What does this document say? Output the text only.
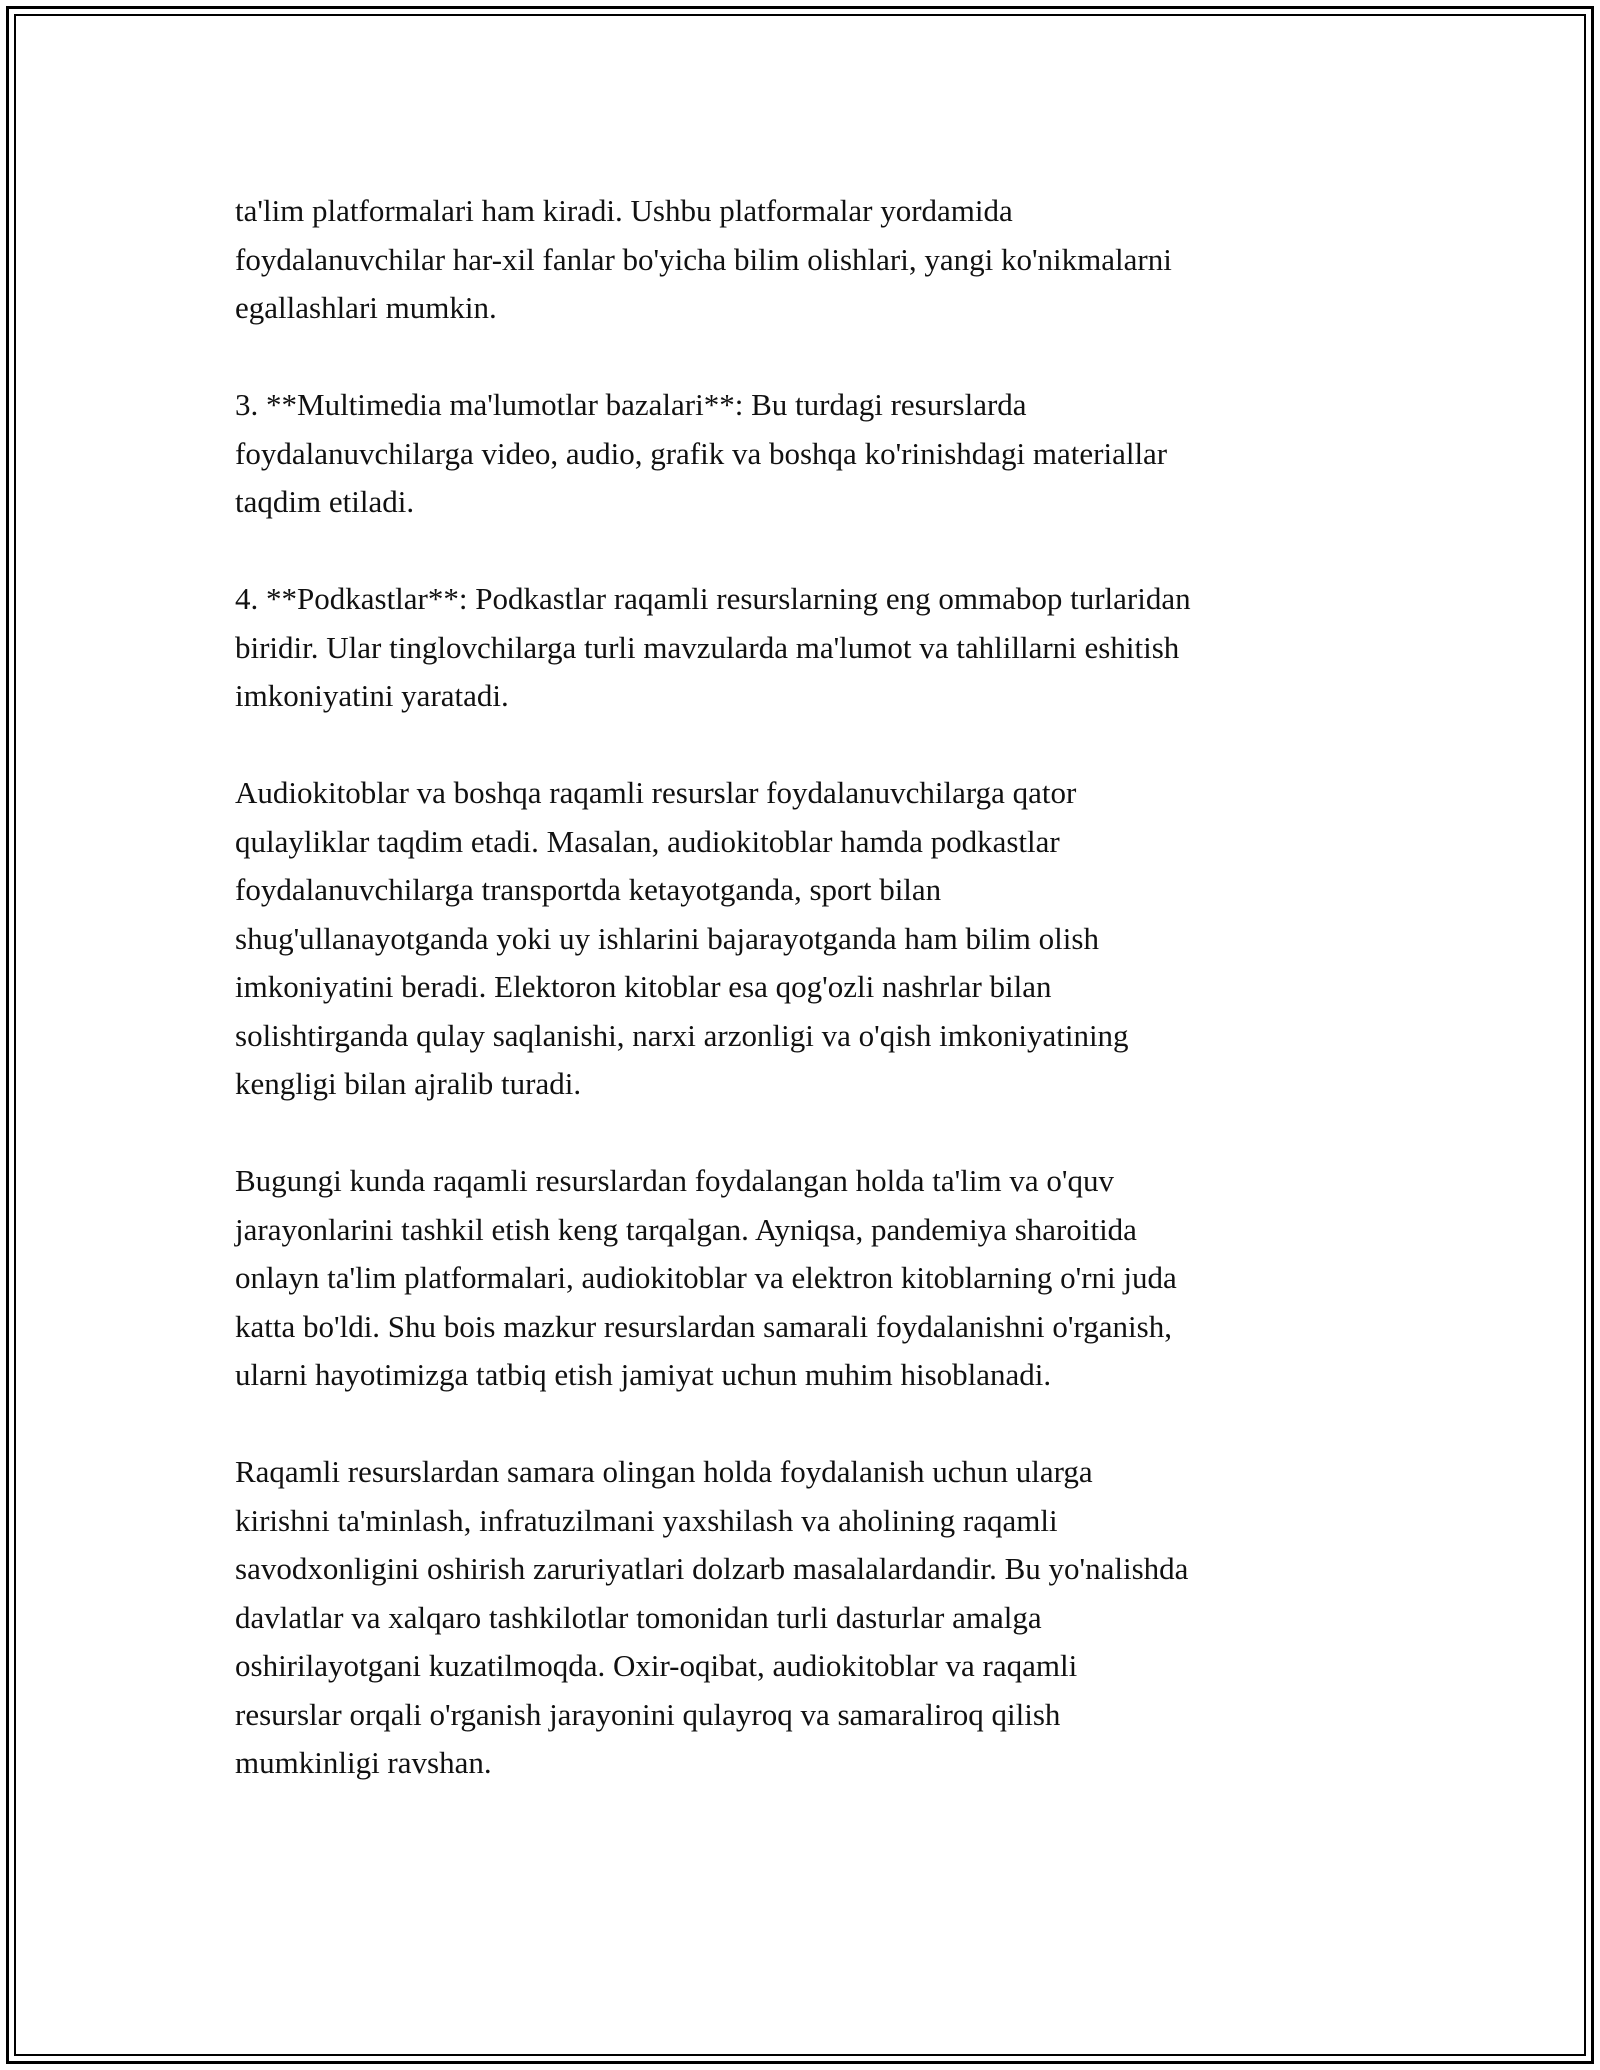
ta'lim platformalari ham kiradi. Ushbu platformalar yordamida
foydalanuvchilar har-xil fanlar bo'yicha bilim olishlari, yangi ko'nikmalarni
egallashlari mumkin.

3. **Multimedia ma'lumotlar bazalari**: Bu turdagi resurslarda
foydalanuvchilarga video, audio, grafik va boshqa ko'rinishdagi materiallar
taqdim etiladi.

4. **Podkastlar**: Podkastlar raqamli resurslarning eng ommabop turlaridan
biridir. Ular tinglovchilarga turli mavzularda ma'lumot va tahlillarni eshitish
imkoniyatini yaratadi.

Audiokitoblar va boshqa raqamli resurslar foydalanuvchilarga qator
qulayliklar taqdim etadi. Masalan, audiokitoblar hamda podkastlar
foydalanuvchilarga transportda ketayotganda, sport bilan
shug'ullanayotganda yoki uy ishlarini bajarayotganda ham bilim olish
imkoniyatini beradi. Elektoron kitoblar esa qog'ozli nashrlar bilan
solishtirganda qulay saqlanishi, narxi arzonligi va o'qish imkoniyatining
kengligi bilan ajralib turadi.

Bugungi kunda raqamli resurslardan foydalangan holda ta'lim va o'quv
jarayonlarini tashkil etish keng tarqalgan. Ayniqsa, pandemiya sharoitida
onlayn ta'lim platformalari, audiokitoblar va elektron kitoblarning o'rni juda
katta bo'ldi. Shu bois mazkur resurslardan samarali foydalanishni o'rganish,
ularni hayotimizga tatbiq etish jamiyat uchun muhim hisoblanadi.

Raqamli resurslardan samara olingan holda foydalanish uchun ularga
kirishni ta'minlash, infratuzilmani yaxshilash va aholining raqamli
savodxonligini oshirish zaruriyatlari dolzarb masalalardandir. Bu yo'nalishda
davlatlar va xalqaro tashkilotlar tomonidan turli dasturlar amalga
oshirilayotgani kuzatilmoqda. Oxir-oqibat, audiokitoblar va raqamli
resurslar orqali o'rganish jarayonini qulayroq va samaraliroq qilish
mumkinligi ravshan.
